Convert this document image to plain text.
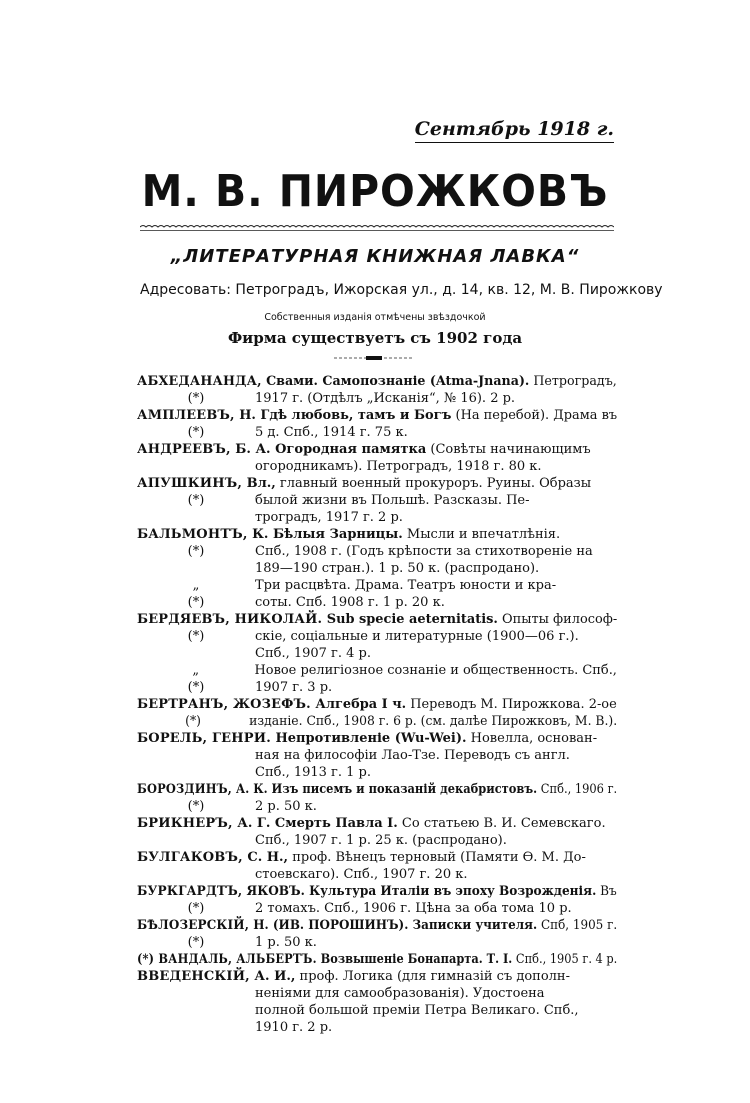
Сентябрь 1918 г.
М. В. ПИРОЖКОВЪ
„ЛИТЕРАТУРНАЯ КНИЖНАЯ ЛАВКА“
Адресовать: Петроградъ, Ижорская ул., д. 14, кв. 12, М. В. Пирожкову
Собственныя изданія отмѣчены звѣздочкой
Фирма существуетъ съ 1902 года
АБХЕДАНАНДА, Свами. Самопознаніе (Atma-Jnana). Петроградъ,
(*)	1917 г. (Отдѣлъ „Исканія“, № 16). 2 р.
АМПЛЕЕВЪ, Н. Гдѣ любовь, тамъ и Богъ (На перебой). Драма въ
(*)	5 д. Спб., 1914 г. 75 к.
АНДРЕЕВЪ, Б. А. Огородная памятка (Совѣты начинающимъ
огородникамъ). Петроградъ, 1918 г. 80 к.
АПУШКИНЪ, Вл., главный военный прокуроръ. Руины. Образы
(*)	былой жизни въ Польшѣ. Разсказы. Пе-
троградъ, 1917 г. 2 р.
БАЛЬМОНТЪ, К. Бѣлыя Зарницы. Мысли и впечатлѣнія.
(*)	Спб., 1908 г. (Годъ крѣпости за стихотвореніе на
189—190 стран.). 1 р. 50 к. (распродано).
„	Три расцвѣта. Драма. Театръ юности и кра-
(*)	соты. Спб. 1908 г. 1 р. 20 к.
БЕРДЯЕВЪ, НИКОЛАЙ. Sub specie aeternitatis. Опыты философ-
(*)	скіе, соціальные и литературные (1900—06 г.).
Спб., 1907 г. 4 р.
„	Новое религіозное сознаніе и общественность. Спб.,
(*)	1907 г. 3 р.
БЕРТРАНЪ, ЖОЗЕФЪ. Алгебра I ч. Переводъ М. Пирожкова. 2-ое
(*)	изданіе. Спб., 1908 г. 6 р. (см. далѣе Пирожковъ, М. В.).
БОРЕЛЬ, ГЕНРИ. Непротивленіе (Wu-Wei). Новелла, основан-
ная на философіи Лао-Тзе. Переводъ съ англ.
Спб., 1913 г. 1 р.
БОРОЗДИНЪ, А. К. Изъ писемъ и показаній декабристовъ. Спб., 1906 г.
(*)	2 р. 50 к.
БРИКНЕРЪ, А. Г. Смерть Павла I. Со статьею В. И. Семевскаго.
Спб., 1907 г. 1 р. 25 к. (распродано).
БУЛГАКОВЪ, С. Н., проф. Вѣнецъ терновый (Памяти Ѳ. М. До-
стоевскаго). Спб., 1907 г. 20 к.
БУРКГАРДТЪ, ЯКОВЪ. Культура Италіи въ эпоху Возрожденія. Въ
(*)	2 томахъ. Спб., 1906 г. Цѣна за оба тома 10 р.
БѢЛОЗЕРСКІЙ, Н. (ИВ. ПОРОШИНЪ). Записки учителя. Спб, 1905 г.
(*)	1 р. 50 к.
(*) ВАНДАЛЬ, АЛЬБЕРТЪ. Возвышеніе Бонапарта. Т. I. Спб., 1905 г. 4 р.
ВВЕДЕНСКІЙ, А. И., проф. Логика (для гимназій съ дополн-
неніями для самообразованія). Удостоена
полной большой преміи Петра Великаго. Спб.,
1910 г. 2 р.
